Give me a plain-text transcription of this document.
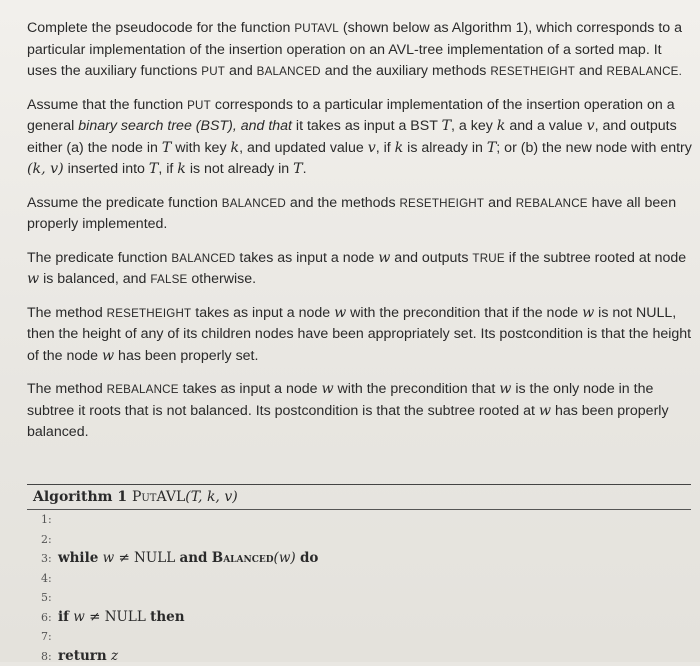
Complete the pseudocode for the function PUTAVL (shown below as Algorithm 1), which corresponds to a particular implementation of the insertion operation on an AVL-tree implementation of a sorted map. It uses the auxiliary functions PUT and BALANCED and the auxiliary methods RESETHEIGHT and REBALANCE.

Assume that the function PUT corresponds to a particular implementation of the insertion operation on a general binary search tree (BST), and that it takes as input a BST T, a key k and a value v, and outputs either (a) the node in T with key k, and updated value v, if k is already in T; or (b) the new node with entry (k, v) inserted into T, if k is not already in T.

Assume the predicate function BALANCED and the methods RESETHEIGHT and REBALANCE have all been properly implemented.

The predicate function BALANCED takes as input a node w and outputs TRUE if the subtree rooted at node w is balanced, and FALSE otherwise.

The method RESETHEIGHT takes as input a node w with the precondition that if the node w is not NULL, then the height of any of its children nodes have been appropriately set. Its postcondition is that the height of the node w has been properly set.

The method REBALANCE takes as input a node w with the precondition that w is the only node in the subtree it roots that is not balanced. Its postcondition is that the subtree rooted at w has been properly balanced.

Algorithm 1 PutAVL(T, k, v)
1:
2:
3: while w ≠ NULL and Balanced(w) do
4:
5:
6: if w ≠ NULL then
7:
8: return z
